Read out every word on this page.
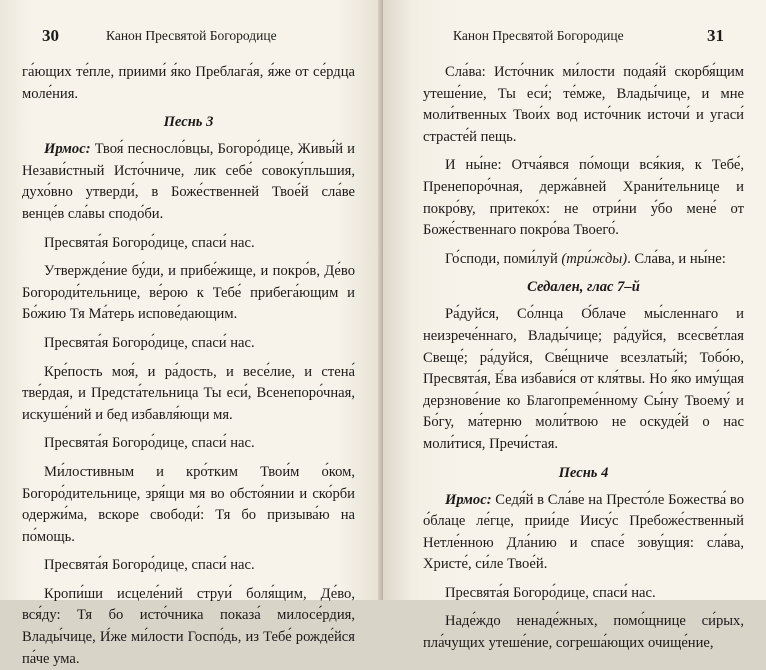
30	Канон Пресвятой Богородице

га́ющих те́пле, приими́ я́ко Преблага́я, я́же от се́рдца моле́ния.

Песнь 3

Ирмос: Твоя́ песносло́вцы, Богоро́дице, Живы́й и Незави́стный Исто́чниче, лик себе́ совоку́пльшия, духо́вно утверди́, в Боже́ственней Твое́й сла́ве венце́в сла́вы сподо́би.

Пресвята́я Богоро́дице, спаси́ нас.

Утвержде́ние бу́ди, и прибе́жище, и покро́в, Де́во Богороди́тельнице, ве́рою к Тебе́ прибега́ющим и Бо́жию Тя Ма́терь испове́дающим.

Пресвята́я Богоро́дице, спаси́ нас.

Кре́пость моя́, и ра́дость, и весе́лие, и стена́ тве́рдая, и Предста́тельница Ты еси́, Всенепоро́чная, искуше́ний и бед избавля́ющи мя.

Пресвята́я Богоро́дице, спаси́ нас.

Ми́лостивным и кро́тким Твои́м о́ком, Богоро́дительнице, зря́щи мя во обсто́янии и ско́рби одержи́ма, вскоре свободи́: Тя бо призыва́ю на по́мощь.

Пресвята́я Богоро́дице, спаси́ нас.

Кропи́ши исцеле́ний струи́ боля́щим, Де́во, вся́ду: Тя бо исто́чника показа́ милосе́рдия, Влады́чице, И́же ми́лости Госпо́дь, из Тебе́ рожде́йся па́че ума.

Канон Пресвятой Богородице	31

Сла́ва: Исто́чник ми́лости подая́й скорбя́щим утеше́ние, Ты еси́; те́мже, Влады́чице, и мне моли́твенных Твои́х вод исто́чник источи́ и угаси́ страсте́й пещь.

И ны́не: Отча́явся по́мощи вся́кия, к Тебе́, Пренепоро́чная, держа́вней Храни́тельнице и покро́ву, притеко́х: не отри́ни у́бо мене́ от Боже́ственнаго покро́ва Твоего́.

Го́споди, поми́луй (три́жды). Сла́ва, и ны́не:

Седален, глас 7–й

Ра́дуйся, Со́лнца О́блаче мы́сленнаго и неизрече́ннаго, Влады́чице; ра́дуйся, всесве́тлая Свеще́; ра́дуйся, Све́щниче всезлаты́й; Тобо́ю, Пресвята́я, Е́ва избави́ся от кля́твы. Но я́ко иму́щая дерзнове́ние ко Благопреме́нному Сы́ну Твоему́ и Бо́гу, ма́терню моли́твою не оскуде́й о нас моли́тися, Пречи́стая.

Песнь 4

Ирмос: Седя́й в Сла́ве на Престо́ле Божества́ во о́блаце ле́гце, прии́де Иису́с Пребоже́ственный Нетле́нною Дла́нию и спасе́ зову́щия: сла́ва, Христе́, си́ле Твое́й.

Пресвята́я Богоро́дице, спаси́ нас.

Наде́ждо ненаде́жных, помо́щнице си́рых, пла́чущих утеше́ние, согреша́ющих очище́ние,
